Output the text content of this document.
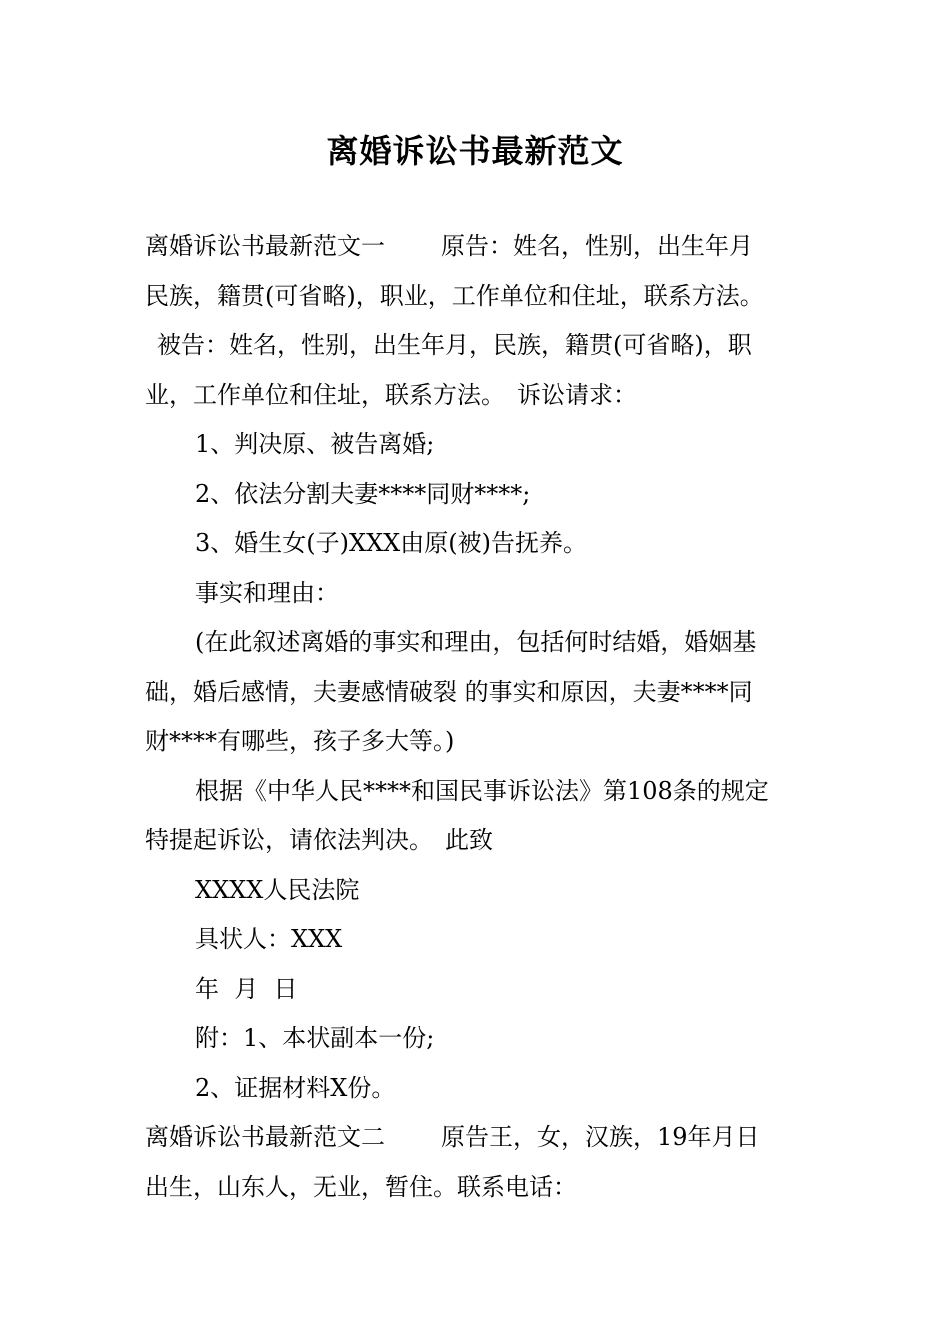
离婚诉讼书最新范文

离婚诉讼书最新范文一 原告：姓名，性别，出生年月

民族，籍贯(可省略)，职业，工作单位和住址，联系方法。

被告：姓名，性别，出生年月，民族，籍贯(可省略)，职

业，工作单位和住址，联系方法。 诉讼请求：

1、判决原、被告离婚;

2、依法分割夫妻****同财****;

3、婚生女(子)XXX由原(被)告抚养。

事实和理由：

(在此叙述离婚的事实和理由，包括何时结婚，婚姻基

础，婚后感情，夫妻感情破裂 的事实和原因，夫妻****同

财****有哪些，孩子多大等。)

根据《中华人民****和国民事诉讼法》第108条的规定

特提起诉讼，请依法判决。 此致

XXXX人民法院

具状人：XXX

年  月  日

附：1、本状副本一份;

2、证据材料X份。

离婚诉讼书最新范文二 原告王，女，汉族，19年月日

出生，山东人，无业，暂住。联系电话：
